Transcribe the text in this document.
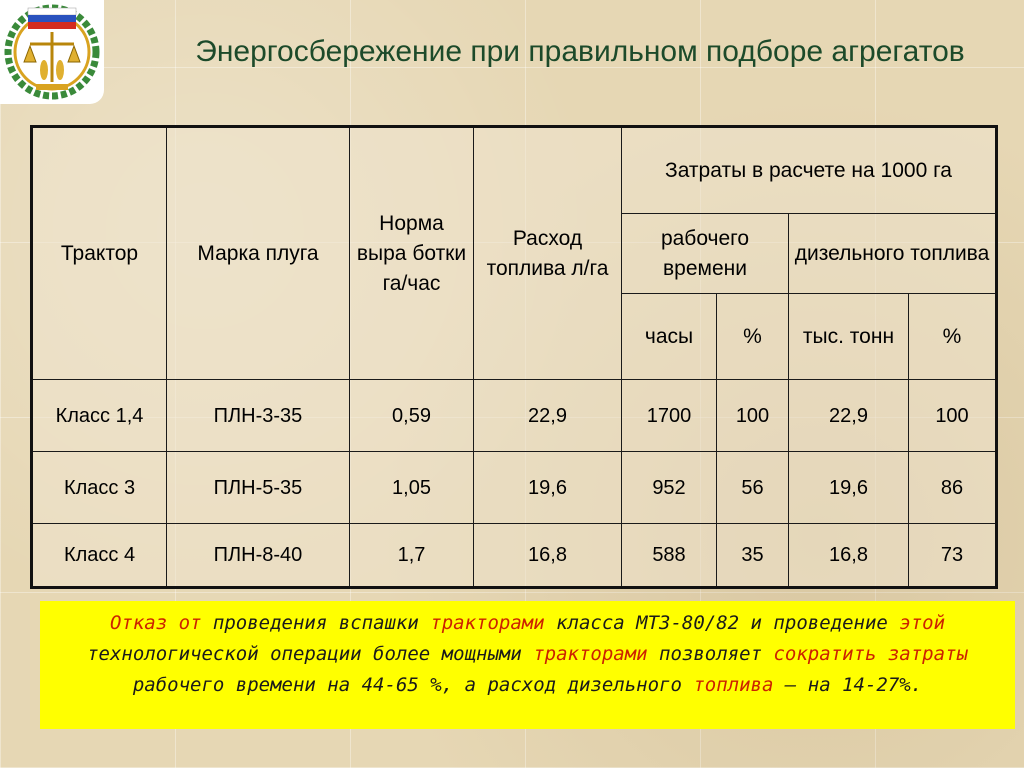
Энергосбережение при правильном подборе агрегатов
Трактор	Марка плуга	Норма выра ботки га/час	Расход топлива л/га	Затраты в расчете на 1000 га			
				рабочего времени		дизельного топлива	
				часы	%	тыс. тонн	%
Класс 1,4	ПЛН-3-35	0,59	22,9	1700	100	22,9	100
Класс 3	ПЛН-5-35	1,05	19,6	952	56	19,6	86
Класс 4	ПЛН-8-40	1,7	16,8	588	35	16,8	73
Отказ от проведения вспашки тракторами класса МТЗ-80/82 и проведение этой технологической операции более мощными тракторами позволяет сократить затраты рабочего времени на 44-65 %, а расход дизельного топлива – на 14-27%.
